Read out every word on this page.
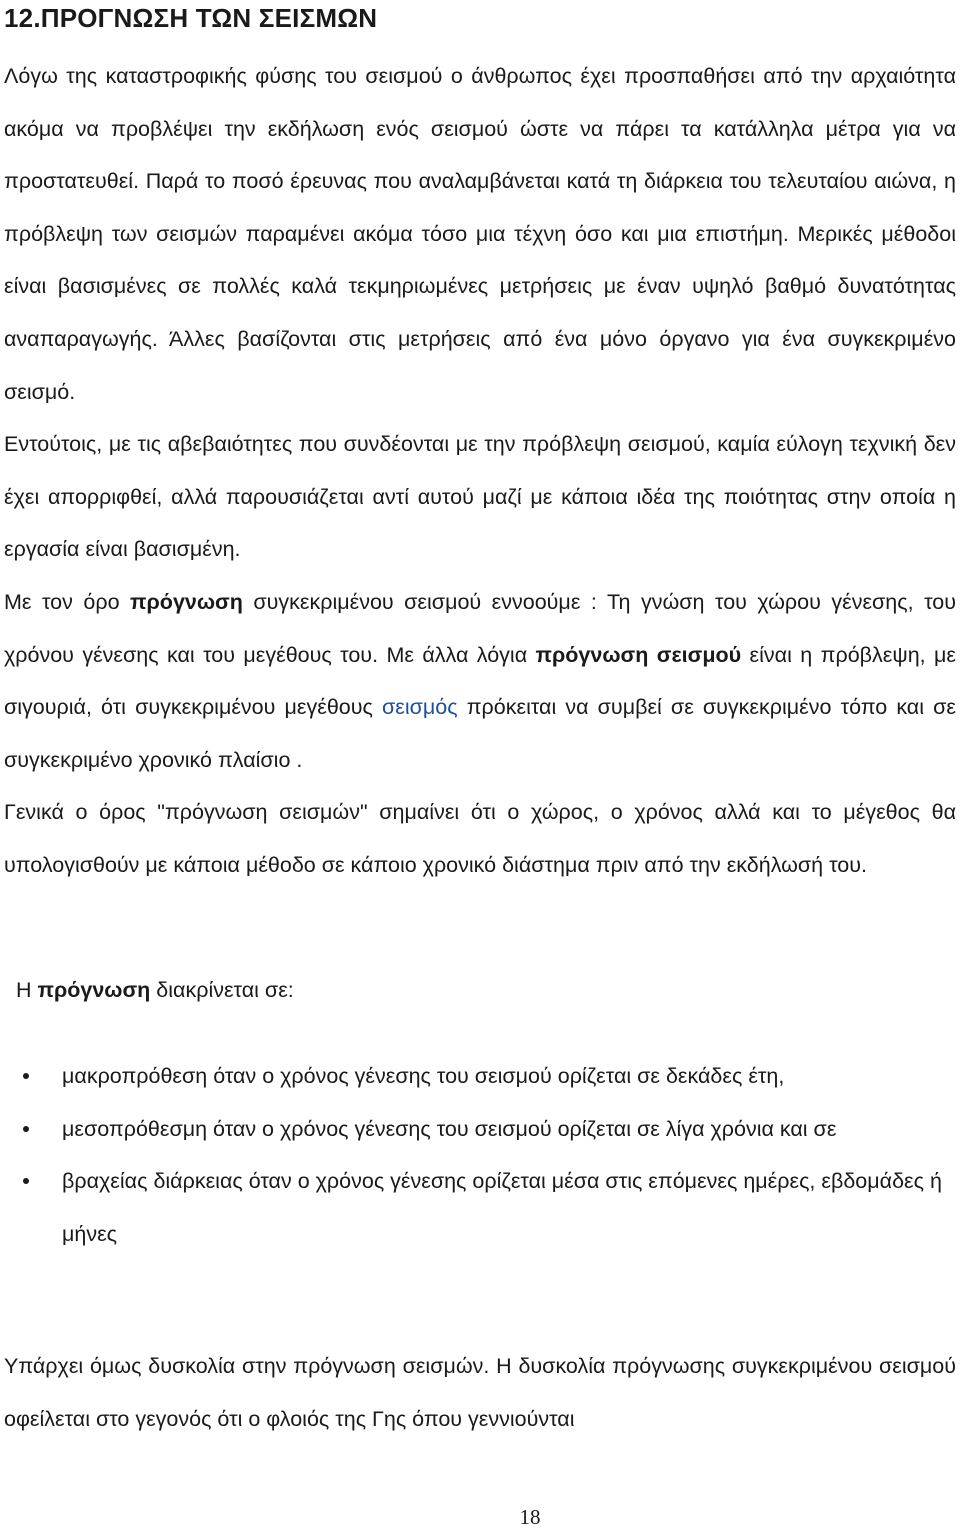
12.ΠΡΟΓΝΩΣΗ ΤΩΝ ΣΕΙΣΜΩΝ

Λόγω της καταστροφικής φύσης του σεισμού ο άνθρωπος έχει προσπαθήσει από την αρχαιότητα ακόμα να προβλέψει την εκδήλωση ενός σεισμού ώστε να πάρει τα κατάλληλα μέτρα για να προστατευθεί. Παρά το ποσό έρευνας που αναλαμβάνεται κατά τη διάρκεια του τελευταίου αιώνα, η πρόβλεψη των σεισμών παραμένει ακόμα τόσο μια τέχνη όσο και μια επιστήμη. Μερικές μέθοδοι είναι βασισμένες σε πολλές καλά τεκμηριωμένες μετρήσεις με έναν υψηλό βαθμό δυνατότητας αναπαραγωγής. Άλλες βασίζονται στις μετρήσεις από ένα μόνο όργανο για ένα συγκεκριμένο σεισμό.

Εντούτοις, με τις αβεβαιότητες που συνδέονται με την πρόβλεψη σεισμού, καμία εύλογη τεχνική δεν έχει απορριφθεί, αλλά παρουσιάζεται αντί αυτού μαζί με κάποια ιδέα της ποιότητας στην οποία η εργασία είναι βασισμένη.

Με τον όρο πρόγνωση συγκεκριμένου σεισμού εννοούμε : Τη γνώση του χώρου γένεσης, του χρόνου γένεσης και του μεγέθους του. Με άλλα λόγια πρόγνωση σεισμού είναι η πρόβλεψη, με σιγουριά, ότι συγκεκριμένου μεγέθους σεισμός πρόκειται να συμβεί σε συγκεκριμένο τόπο και σε συγκεκριμένο χρονικό πλαίσιο .

Γενικά ο όρος "πρόγνωση σεισμών" σημαίνει ότι ο χώρος, ο χρόνος αλλά και το μέγεθος θα υπολογισθούν με κάποια μέθοδο σε κάποιο χρονικό διάστημα πριν από την εκδήλωσή του.

Η πρόγνωση διακρίνεται σε:

μακροπρόθεση όταν ο χρόνος γένεσης του σεισμού ορίζεται σε δεκάδες έτη,
μεσοπρόθεσμη όταν ο χρόνος γένεσης του σεισμού ορίζεται σε λίγα χρόνια και σε
βραχείας διάρκειας όταν ο χρόνος γένεσης ορίζεται μέσα στις επόμενες ημέρες, εβδομάδες ή μήνες

Υπάρχει όμως δυσκολία στην πρόγνωση σεισμών. Η δυσκολία πρόγνωσης συγκεκριμένου σεισμού οφείλεται στο γεγονός ότι ο φλοιός της Γης όπου γεννιούνται

18
